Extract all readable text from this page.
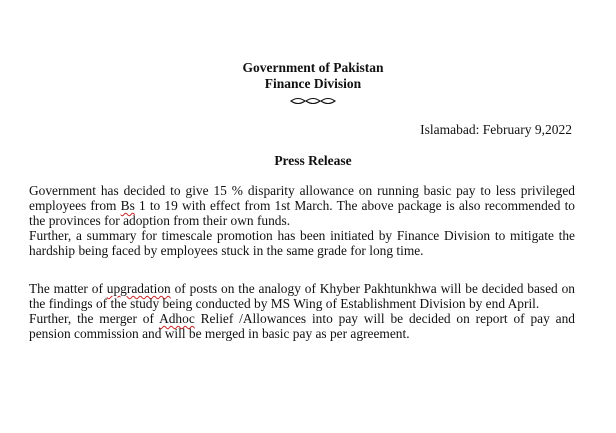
Government of Pakistan
Finance Division
Islamabad: February 9,2022
Press Release

Government has decided to give 15 % disparity allowance on running basic pay to less privileged employees from Bs 1 to 19 with effect from 1st March. The above package is also recommended to the provinces for adoption from their own funds.

Further, a summary for timescale promotion has been initiated by Finance Division to mitigate the hardship being faced by employees stuck in the same grade for long time.

The matter of upgradation of posts on the analogy of Khyber Pakhtunkhwa will be decided based on the findings of the study being conducted by MS Wing of Establishment Division by end April.

Further, the merger of Adhoc Relief /Allowances into pay will be decided on report of pay and pension commission and will be merged in basic pay as per agreement.
